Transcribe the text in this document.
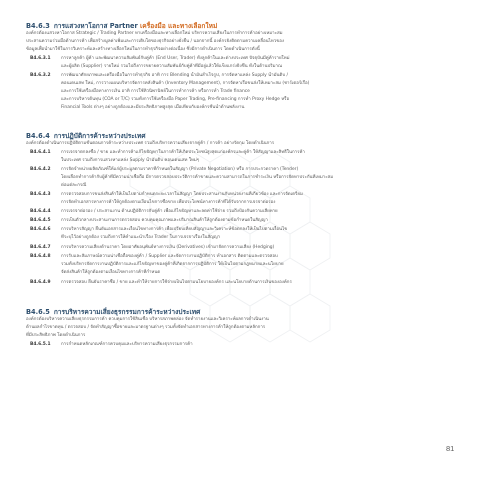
B4.6.3 การแสวงหาโอกาส Partner เครื่องมือ และทางเลือกใหม่
องค์กรต้องแสวงหาโอกาส Strategic / Trading Partner หาเครื่องมือและทางเลือกใหม่ บริหารความเสี่ยงในการทำการค้าอย่างเหมาะสม
ประสานความร่วมมือด้านการค้า เพื่อสร้างมูลค่าเพิ่มและการเติบโตของธุรกิจอย่างยั่งยืน / นอกจากนี้ องค์กรยังติดตามความเคลื่อนไหวของ
ข้อมูลเพื่อนำมาใช้ในการวิเคราะห์และสร้างทางเลือกใหม่ในการทำธุรกิจอย่างต่อเนื่อง ซึ่งมีการดำเนินการ โดยดำเนินการดังนี้
B4.6.3.1	การหาลูกค้า ผู้ค้า และพัฒนาความสัมพันธ์กับคู่ค้า (End User, Trader) ทั้งลูกค้าในและต่างประเทศ ปัจจุบันมีคู่ค้ารายใหม่
และผู้ผลิต (Supplier) รายใหม่ รวมไปถึงการขยายความสัมพันธ์กับคู่ค้าที่มีอยู่แล้วให้แข็งแกร่งยิ่งขึ้น ทั้งในด้านปริมาณ
B4.6.3.2	การพัฒนาศักยภาพและเครื่องมือในการทำธุรกิจ อาทิ การ Blending น้ำมันสำเร็จรูป, การจัดหาแหล่ง Supply น้ำมันดิบ /
คอนเดนเสท ใหม่, การวางแผนบริหารจัดการคลังสินค้า (Inventory Management), การจัดหาเรือขนส่งให้เหมาะสม (ชาร์เตอร์เรือ)
และการใช้เครื่องมือทางการเงิน อาทิ การใช้ทิวนิพานิชย์ในการทำการค้า หรือการทำ Trade finance
และการบริหารต้นทุน (COA or T/C) รวมทั้งการใช้เครื่องมือ Paper Trading, Pre-financing การทำ Proxy Hedge หรือ
Financial Tools ต่างๆ อย่างถูกต้องและมีประสิทธิภาพสูงสุด เมื่อเทียบกับองค์กรชั้นนำด้านพลังงาน
B4.6.4 การปฏิบัติการค้าระหว่างประเทศ
องค์กรต้องดำเนินการปฏิบัติตามขั้นตอนการค้าระหว่างประเทศ รวมถึงบริหารความเสี่ยงจากคู่ค้า / การค้า อย่างรัดกุม โดยดำเนินการ
B4.6.4.1	การเจรจาตกลงซื้อ / ขาย และทำการค้าแก้ไขปัญหาในการค้าให้เกิดประโยชน์สูงสุดแก่องค์กรและคู่ค้า ให้สัญญาและสิทธิ์ในการค้า
ในประเทศ รวมถึงการแสวงหาแหล่ง Supply น้ำมันดิบ คอนเดนเสท ใหม่ๆ
B4.6.4.2	การจัดจำหน่ายผลิตภัณฑ์ให้แก่ผู้ประมูลตามราคาที่กำหนดในสัญญา (Private Negotiation) หรือ การประกวดราคา (Tender)
โดยเลือกทำการค้ากับผู้ค้าที่มีความน่าเชื่อถือ มีการตรวจสอบประวัติการค้าขายและความสามารถในการชำระเงิน หรือการจัดหาประกันที่เหมาะสม
ต่อแต่ละกรณี
B4.6.4.3	การตรวจสอบการขนส่งสินค้าให้เป็นไปตามกำหนดระยะเวลาในสัญญา โดยประสานงานกับหน่วยงานที่เกี่ยวข้อง และการจัดเตรียม
การจัดทำเอกสารทางการค้าให้ถูกต้องตามเงื่อนไขการซื้อขาย เพื่อประโยชน์ทางการค้าที่ได้รับจากการเจรจาต่อรอง
B4.6.4.4	การเจรจาต่อรอง / ประสานงาน ด้านปฏิบัติการกับคู่ค้า เพื่อแก้ไขปัญหาและลดค่าใช้จ่าย รวมถึงป้องกันความเสียหาย
B4.6.4.5	การเป็นตัวกลางประสานงานการตรวจสอบ ควบคุมคุณภาพและปริมาณสินค้าให้ถูกต้องตามข้อกำหนดในสัญญา
B4.6.4.6	การบริหารสัญญา ยื่นยันเอกสารและเงื่อนไขทางการค้า เพื่อเปรียบเทียบสัญญาและวิเคราะห์ข้อตกลงให้เป็นไปตามเงื่อนไข
ที่ระบุไว้อย่างถูกต้อง รวมถึงการให้คำแนะนำเรื่อง Trader ในการเจรจาเรื่องในสัญญา
B4.6.4.7	การบริหารความเสี่ยงด้านราคา โดยอาศัยอนุพันธ์ทางการเงิน (Derivatives) เข้ามาจัดการความเสี่ยง (Hedging)
B4.6.4.8	การรับและสัมภาษณ์ความน่าเชื่อถือของคู่ค้า / Supplier และจัดการงานปฏิบัติการ ทำเอกสาร ติดตามและตรวจสอบ
รวมทั้งบริหารจัดการงานปฏิบัติการและแก้ไขปัญหาของคู่ค้าที่เกิดจากการปฏิบัติการ ให้เป็นไปตามกฎหมายและนโยบาย
จัดส่งสินค้าให้ถูกต้องตามเงื่อนไขทางการค้าที่กำหนด
B4.6.4.9	การตรวจสอบ ยืนยันราคาซื้อ / ขาย และทำให้รายการใช้จ่ายเป็นไปตามนโยบายองค์กร และนโยบายด้านการเงินขององค์กร
B4.6.5 การบริหารความเสี่ยงธุรกรรมการค้าระหว่างประเทศ
องค์กรต้องบริหารความเสี่ยงธุรกรรมการค้า ควบคุมการใช้สินเชื่อ บริหารสภาพคล่อง จัดทำรายงานและวิเคราะห์ผลการดำเนินงาน
ด้านผลกำไรขาดทุน / ตรวจสอบ / จัดทำสัญญาซื้อขายและมาตรฐานต่างๆ รวมทั้งจัดทำเอกสารทางการค้าให้ถูกต้องตามหลักการ
ที่มีประสิทธิภาพ โดยดำเนินการ
B4.6.5.1	การกำหนดหลักเกณฑ์การควบคุมและบริหารความเสี่ยงธุรกรรมการค้า
81
